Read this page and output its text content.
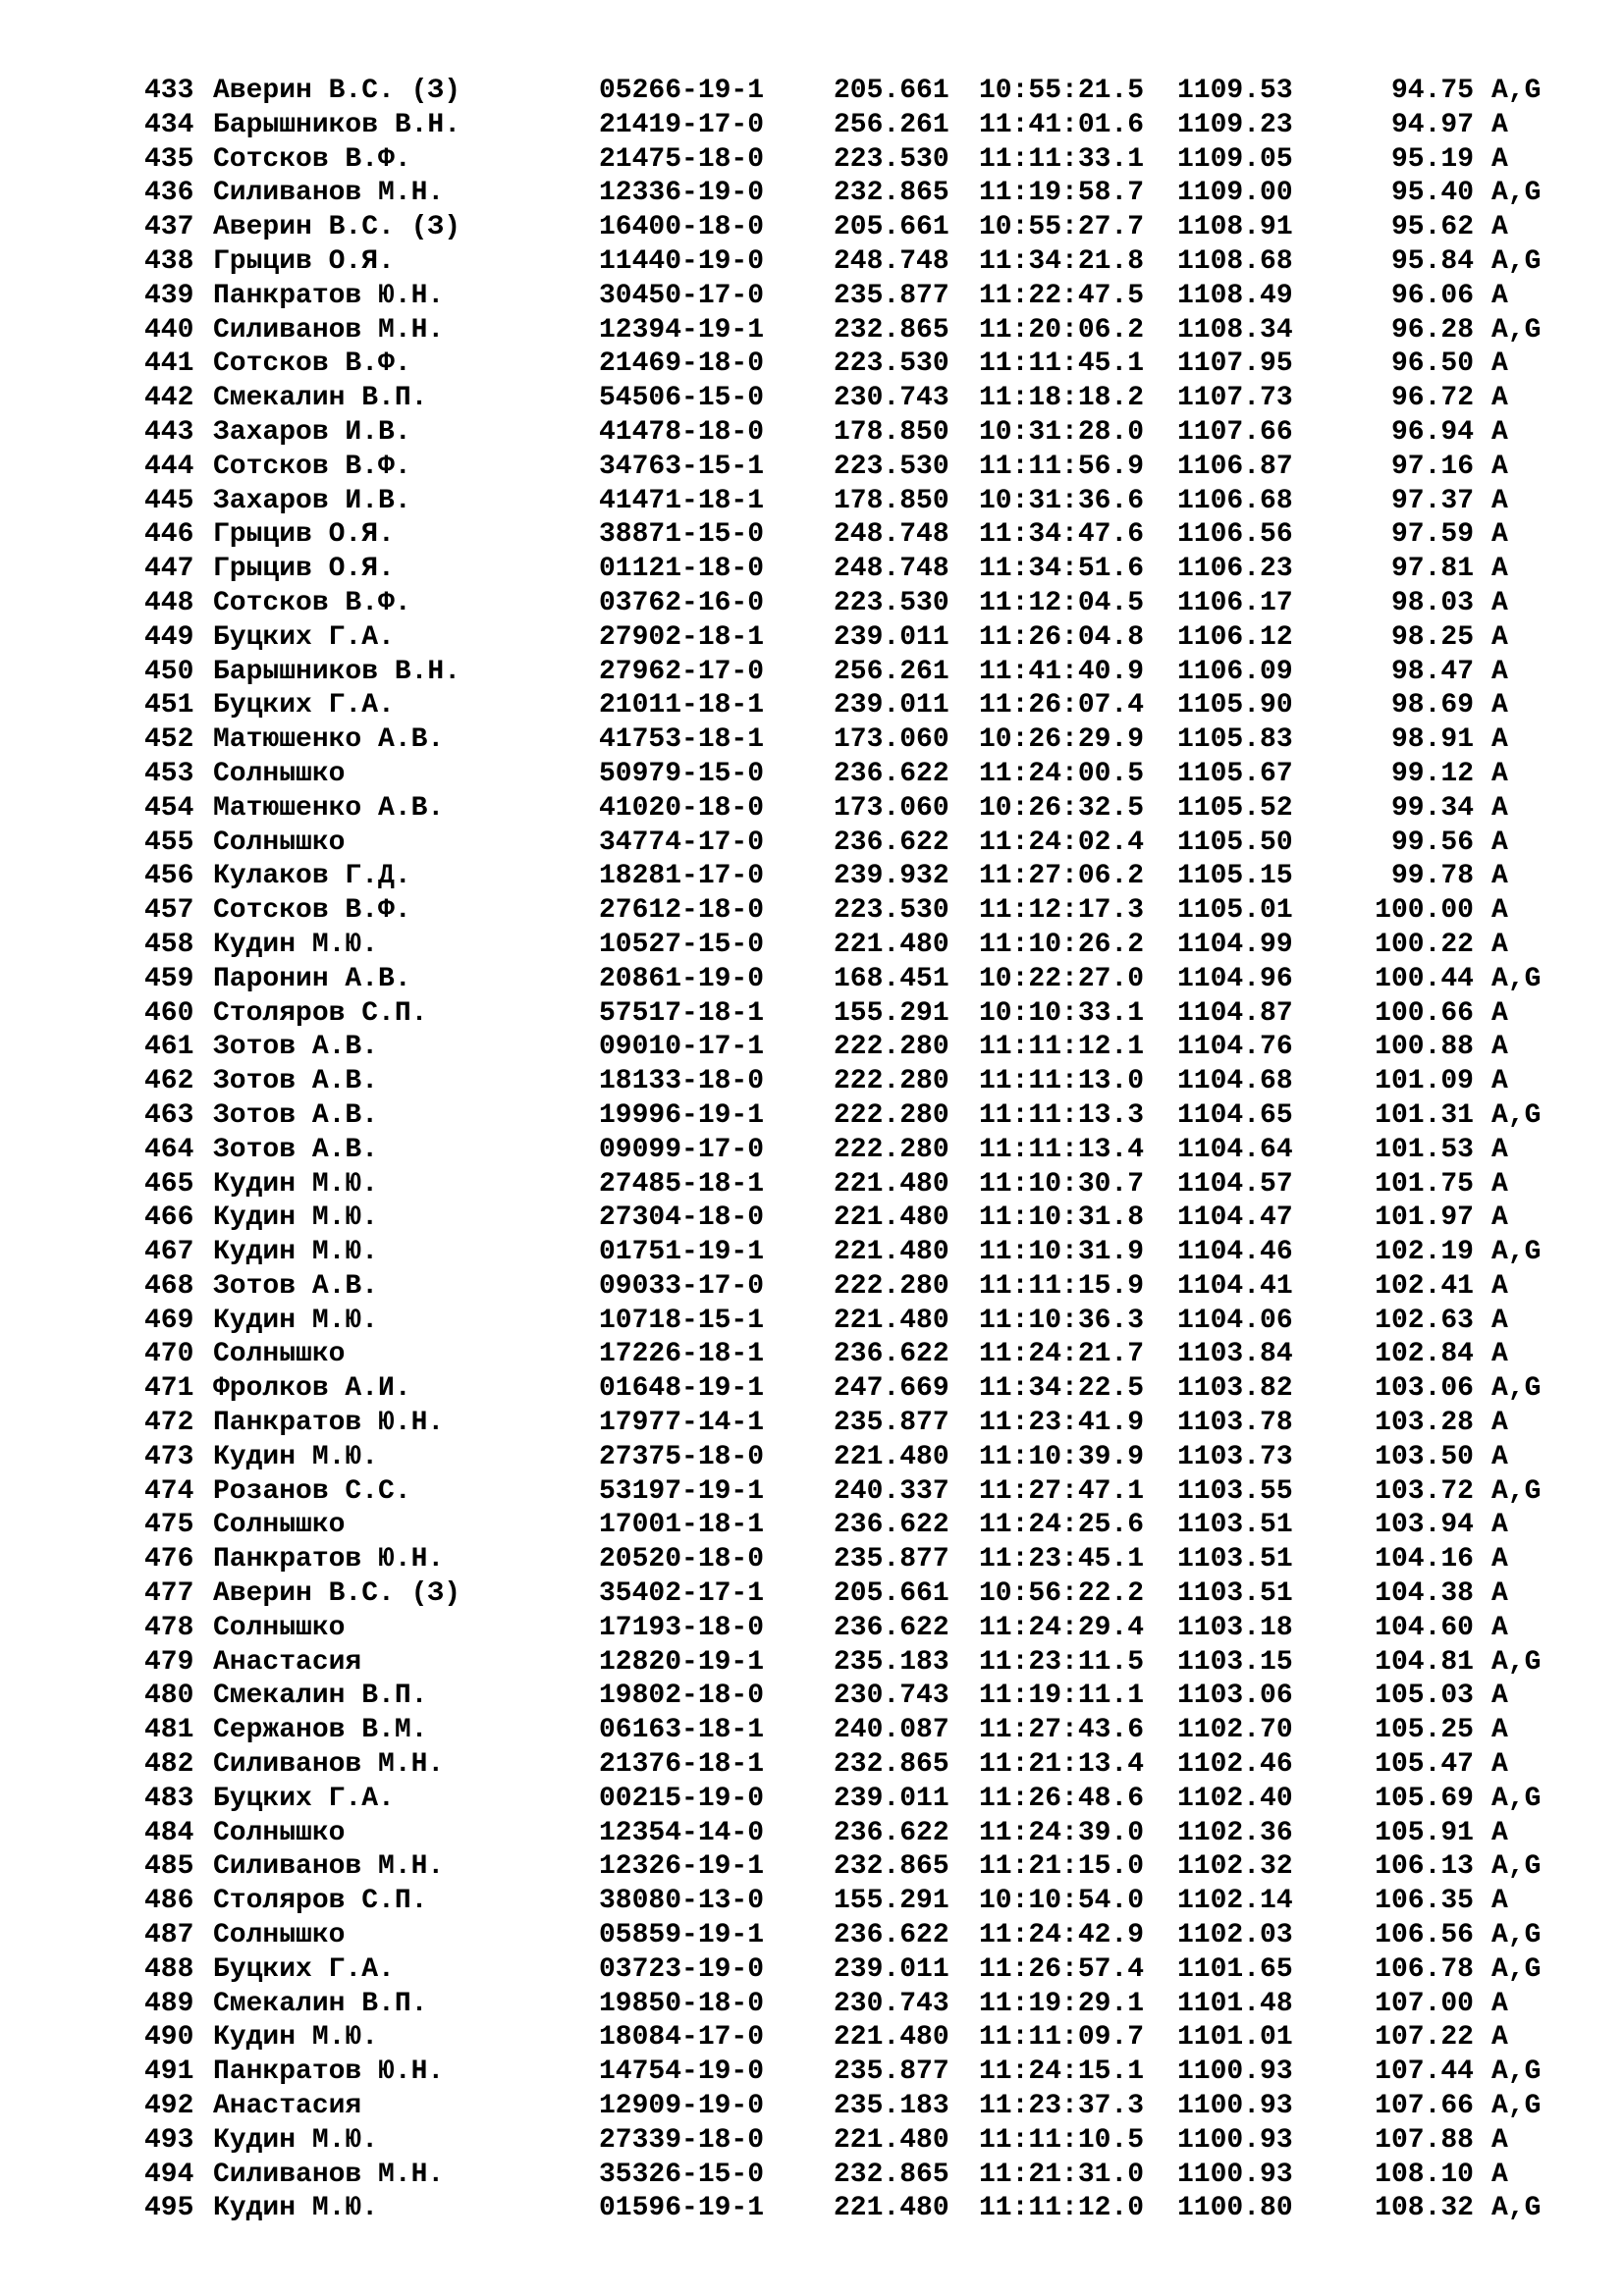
433 Аверин В.С. (З)	05266-19-1	205.661 10:55:21.5 1109.53	94.75 A,G
434 Барышников В.Н.	21419-17-0	256.261 11:41:01.6 1109.23	94.97 A
435 Сотсков В.Ф.	21475-18-0	223.530 11:11:33.1 1109.05	95.19 A
436 Силиванов М.Н.	12336-19-0	232.865 11:19:58.7 1109.00	95.40 A,G
437 Аверин В.С. (З)	16400-18-0	205.661 10:55:27.7 1108.91	95.62 A
438 Грыцив О.Я.	11440-19-0	248.748 11:34:21.8 1108.68	95.84 A,G
439 Панкратов Ю.Н.	30450-17-0	235.877 11:22:47.5 1108.49	96.06 A
440 Силиванов М.Н.	12394-19-1	232.865 11:20:06.2 1108.34	96.28 A,G
441 Сотсков В.Ф.	21469-18-0	223.530 11:11:45.1 1107.95	96.50 A
442 Смекалин В.П.	54506-15-0	230.743 11:18:18.2 1107.73	96.72 A
443 Захаров И.В.	41478-18-0	178.850 10:31:28.0 1107.66	96.94 A
444 Сотсков В.Ф.	34763-15-1	223.530 11:11:56.9 1106.87	97.16 A
445 Захаров И.В.	41471-18-1	178.850 10:31:36.6 1106.68	97.37 A
446 Грыцив О.Я.	38871-15-0	248.748 11:34:47.6 1106.56	97.59 A
447 Грыцив О.Я.	01121-18-0	248.748 11:34:51.6 1106.23	97.81 A
448 Сотсков В.Ф.	03762-16-0	223.530 11:12:04.5 1106.17	98.03 A
449 Буцких Г.А.	27902-18-1	239.011 11:26:04.8 1106.12	98.25 A
450 Барышников В.Н.	27962-17-0	256.261 11:41:40.9 1106.09	98.47 A
451 Буцких Г.А.	21011-18-1	239.011 11:26:07.4 1105.90	98.69 A
452 Матюшенко А.В.	41753-18-1	173.060 10:26:29.9 1105.83	98.91 A
453 Солнышко	50979-15-0	236.622 11:24:00.5 1105.67	99.12 A
454 Матюшенко А.В.	41020-18-0	173.060 10:26:32.5 1105.52	99.34 A
455 Солнышко	34774-17-0	236.622 11:24:02.4 1105.50	99.56 A
456 Кулаков Г.Д.	18281-17-0	239.932 11:27:06.2 1105.15	99.78 A
457 Сотсков В.Ф.	27612-18-0	223.530 11:12:17.3 1105.01	100.00 A
458 Кудин М.Ю.	10527-15-0	221.480 11:10:26.2 1104.99	100.22 A
459 Паронин А.В.	20861-19-0	168.451 10:22:27.0 1104.96	100.44 A,G
460 Столяров С.П.	57517-18-1	155.291 10:10:33.1 1104.87	100.66 A
461 Зотов А.В.	09010-17-1	222.280 11:11:12.1 1104.76	100.88 A
462 Зотов А.В.	18133-18-0	222.280 11:11:13.0 1104.68	101.09 A
463 Зотов А.В.	19996-19-1	222.280 11:11:13.3 1104.65	101.31 A,G
464 Зотов А.В.	09099-17-0	222.280 11:11:13.4 1104.64	101.53 A
465 Кудин М.Ю.	27485-18-1	221.480 11:10:30.7 1104.57	101.75 A
466 Кудин М.Ю.	27304-18-0	221.480 11:10:31.8 1104.47	101.97 A
467 Кудин М.Ю.	01751-19-1	221.480 11:10:31.9 1104.46	102.19 A,G
468 Зотов А.В.	09033-17-0	222.280 11:11:15.9 1104.41	102.41 A
469 Кудин М.Ю.	10718-15-1	221.480 11:10:36.3 1104.06	102.63 A
470 Солнышко	17226-18-1	236.622 11:24:21.7 1103.84	102.84 A
471 Фролков А.И.	01648-19-1	247.669 11:34:22.5 1103.82	103.06 A,G
472 Панкратов Ю.Н.	17977-14-1	235.877 11:23:41.9 1103.78	103.28 A
473 Кудин М.Ю.	27375-18-0	221.480 11:10:39.9 1103.73	103.50 A
474 Розанов С.С.	53197-19-1	240.337 11:27:47.1 1103.55	103.72 A,G
475 Солнышко	17001-18-1	236.622 11:24:25.6 1103.51	103.94 A
476 Панкратов Ю.Н.	20520-18-0	235.877 11:23:45.1 1103.51	104.16 A
477 Аверин В.С. (З)	35402-17-1	205.661 10:56:22.2 1103.51	104.38 A
478 Солнышко	17193-18-0	236.622 11:24:29.4 1103.18	104.60 A
479 Анастасия	12820-19-1	235.183 11:23:11.5 1103.15	104.81 A,G
480 Смекалин В.П.	19802-18-0	230.743 11:19:11.1 1103.06	105.03 A
481 Сержанов В.М.	06163-18-1	240.087 11:27:43.6 1102.70	105.25 A
482 Силиванов М.Н.	21376-18-1	232.865 11:21:13.4 1102.46	105.47 A
483 Буцких Г.А.	00215-19-0	239.011 11:26:48.6 1102.40	105.69 A,G
484 Солнышко	12354-14-0	236.622 11:24:39.0 1102.36	105.91 A
485 Силиванов М.Н.	12326-19-1	232.865 11:21:15.0 1102.32	106.13 A,G
486 Столяров С.П.	38080-13-0	155.291 10:10:54.0 1102.14	106.35 A
487 Солнышко	05859-19-1	236.622 11:24:42.9 1102.03	106.56 A,G
488 Буцких Г.А.	03723-19-0	239.011 11:26:57.4 1101.65	106.78 A,G
489 Смекалин В.П.	19850-18-0	230.743 11:19:29.1 1101.48	107.00 A
490 Кудин М.Ю.	18084-17-0	221.480 11:11:09.7 1101.01	107.22 A
491 Панкратов Ю.Н.	14754-19-0	235.877 11:24:15.1 1100.93	107.44 A,G
492 Анастасия	12909-19-0	235.183 11:23:37.3 1100.93	107.66 A,G
493 Кудин М.Ю.	27339-18-0	221.480 11:11:10.5 1100.93	107.88 A
494 Силиванов М.Н.	35326-15-0	232.865 11:21:31.0 1100.93	108.10 A
495 Кудин М.Ю.	01596-19-1	221.480 11:11:12.0 1100.80	108.32 A,G
